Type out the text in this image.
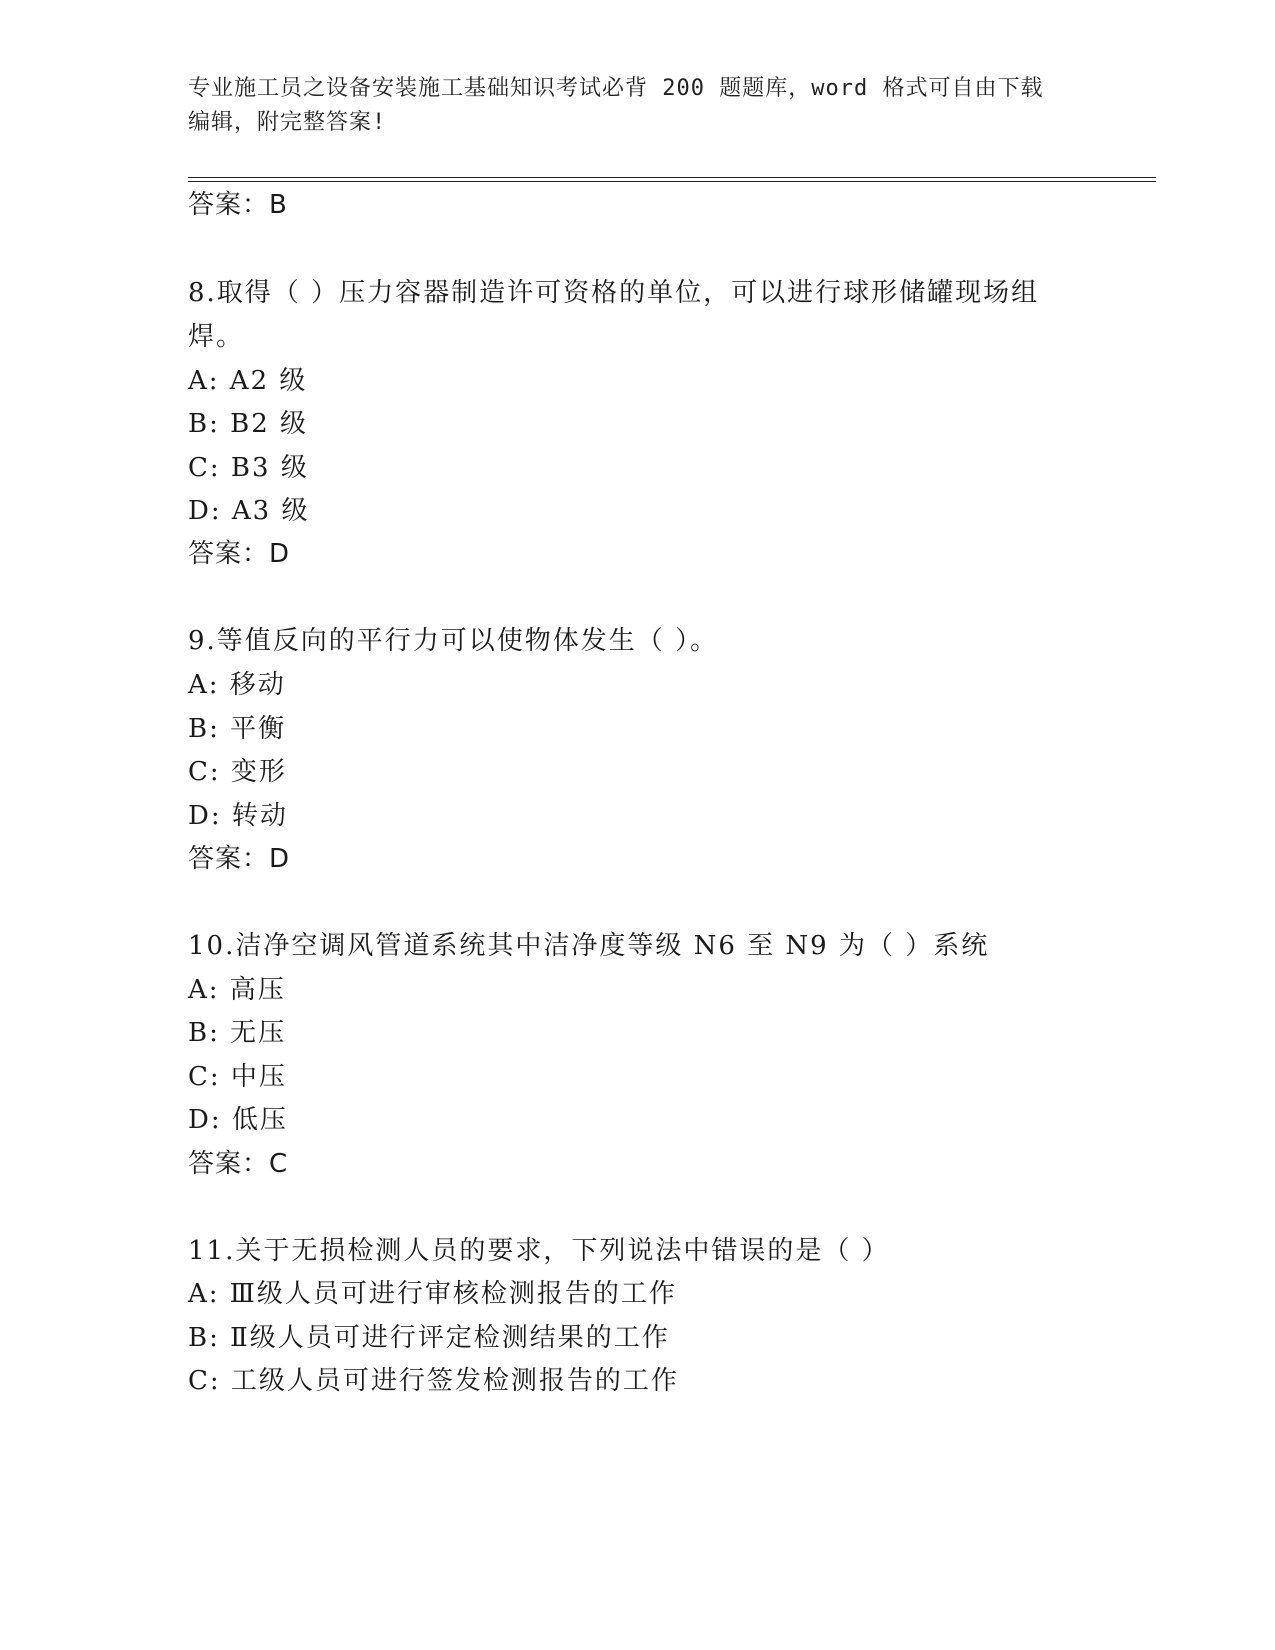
专业施工员之设备安装施工基础知识考试必背 200 题题库，word 格式可自由下载
编辑，附完整答案!
答案：B
8.取得（ ）压力容器制造许可资格的单位，可以进行球形储罐现场组
焊。
A: A2 级
B: B2 级
C: B3 级
D: A3 级
答案：D
9.等值反向的平行力可以使物体发生（ ）。
A: 移动
B: 平衡
C: 变形
D: 转动
答案：D
10.洁净空调风管道系统其中洁净度等级 N6 至 N9 为（ ）系统
A: 高压
B: 无压
C: 中压
D: 低压
答案：C
11.关于无损检测人员的要求，下列说法中错误的是（ ）
A: Ⅲ级人员可进行审核检测报告的工作
B: Ⅱ级人员可进行评定检测结果的工作
C: 工级人员可进行签发检测报告的工作
